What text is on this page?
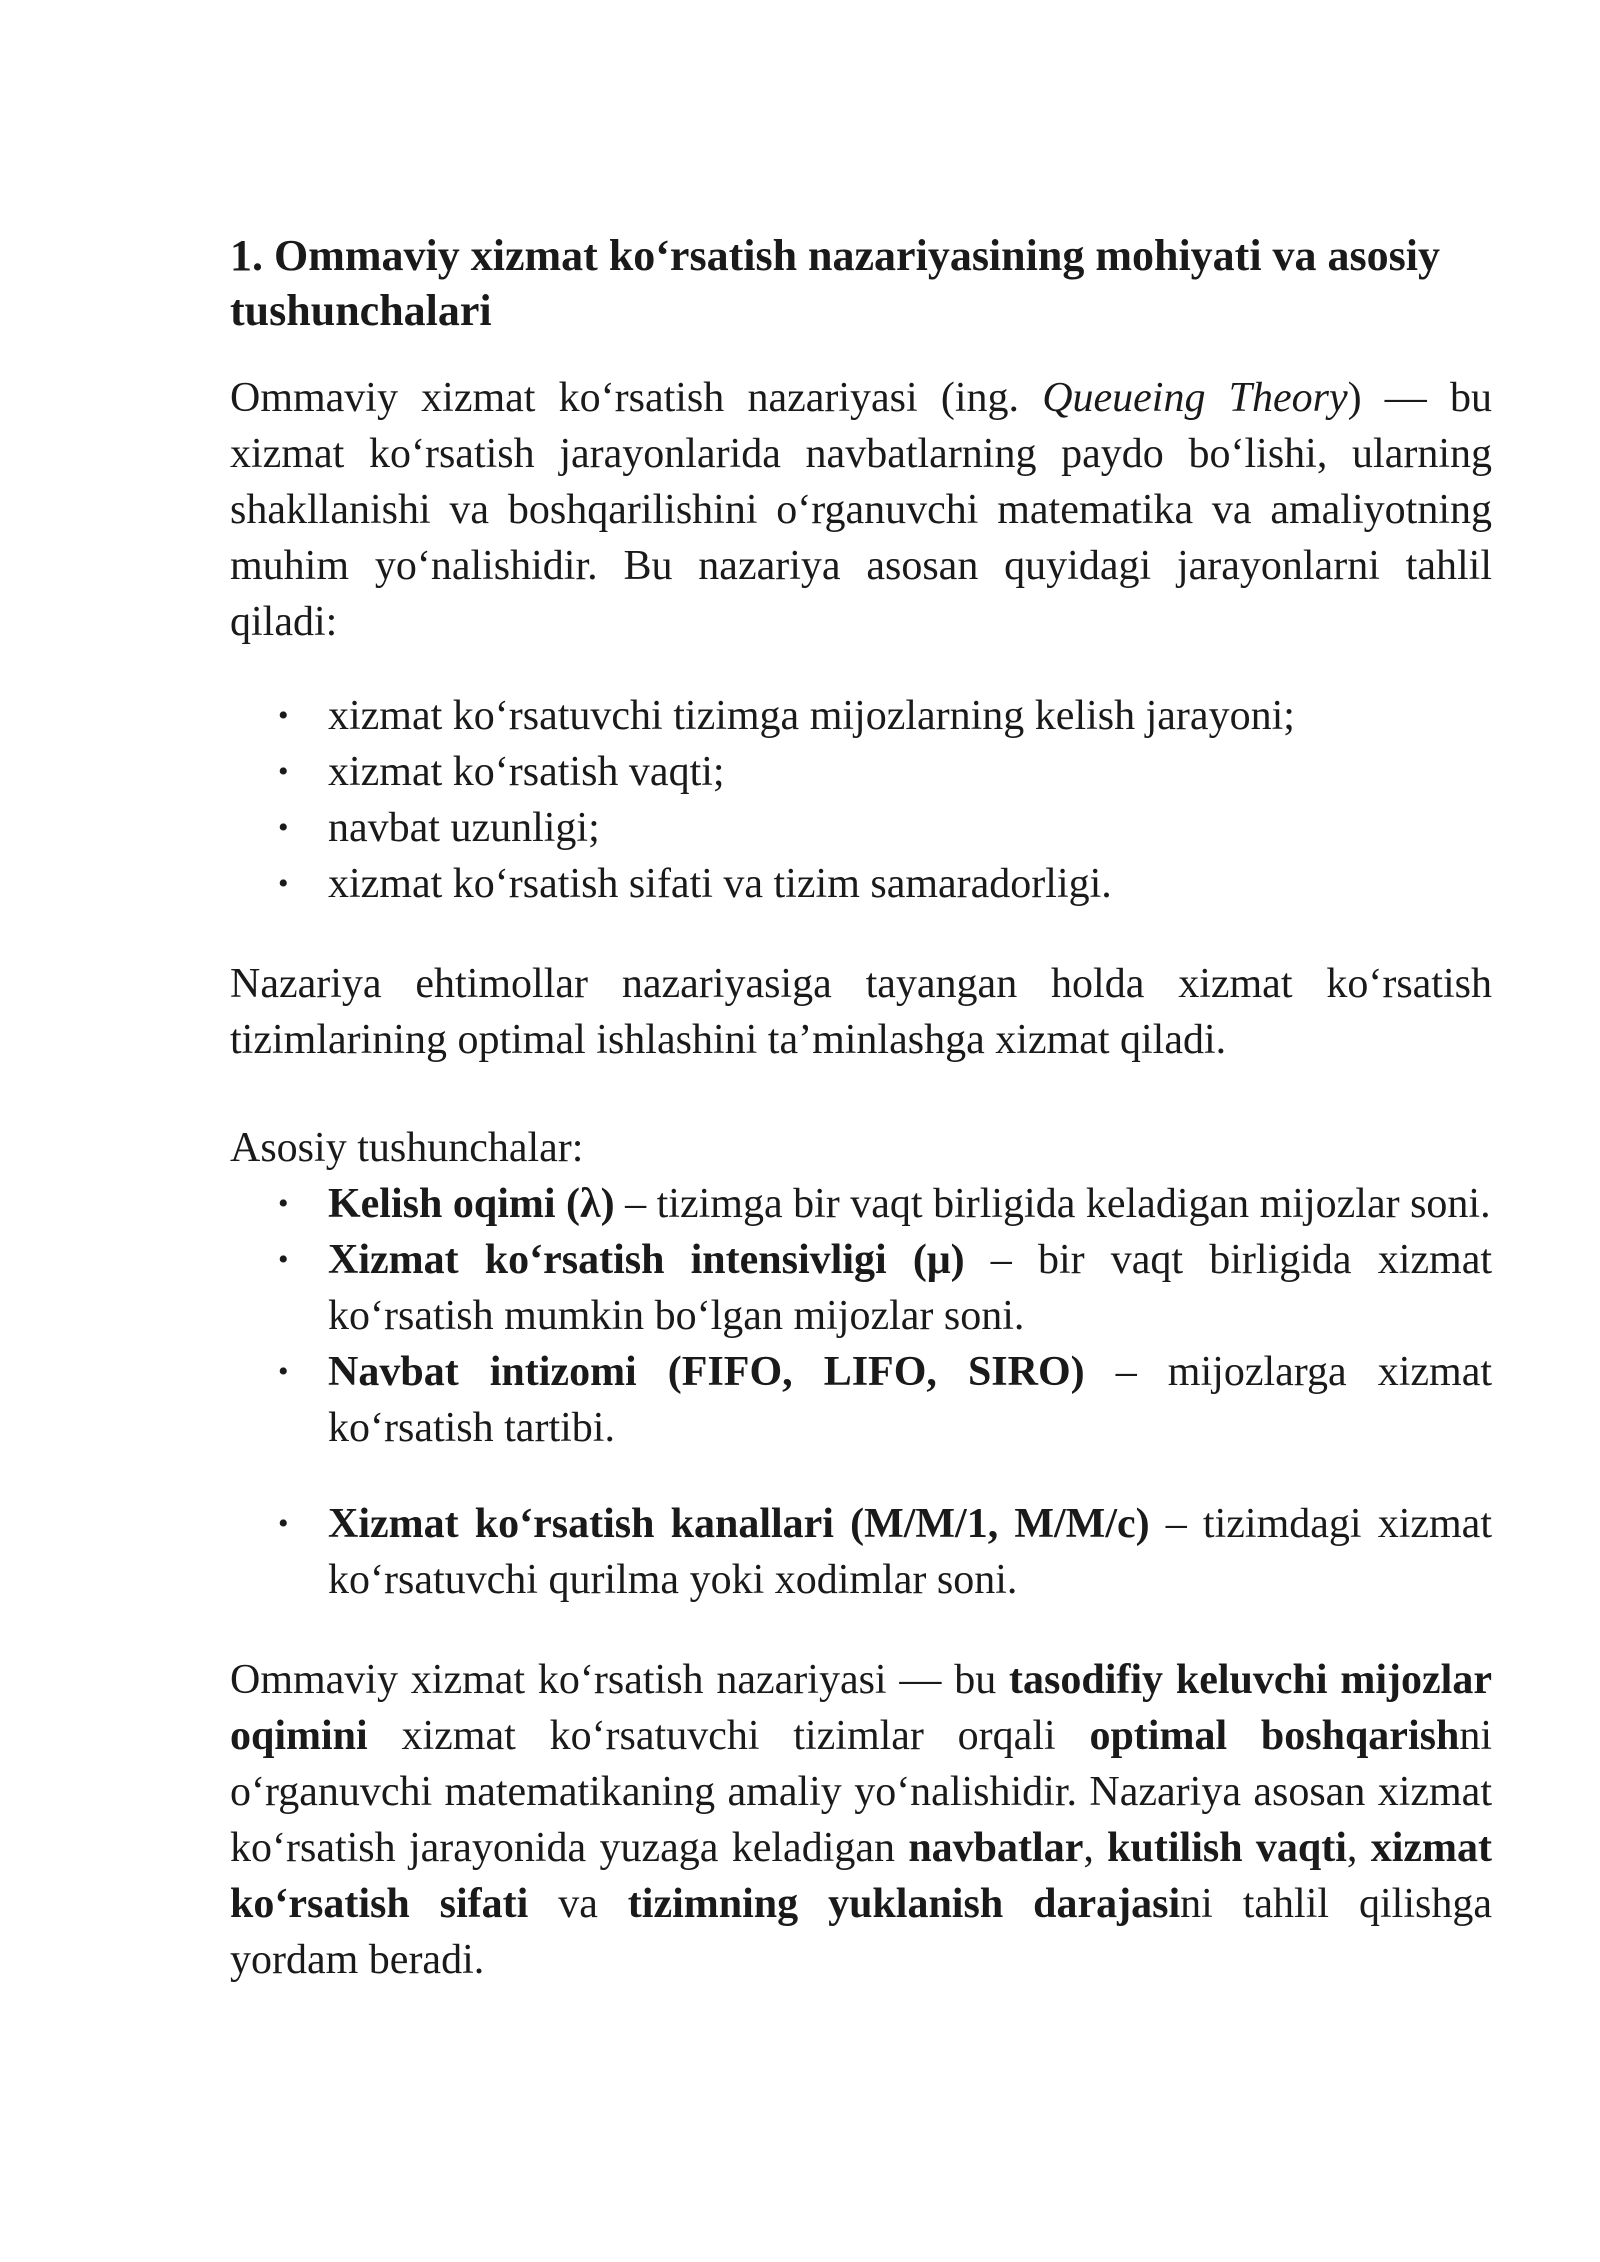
1. Ommaviy xizmat ko‘rsatish nazariyasining mohiyati va asosiy tushunchalari

Ommaviy xizmat ko‘rsatish nazariyasi (ing. Queueing Theory) — bu xizmat ko‘rsatish jarayonlarida navbatlarning paydo bo‘lishi, ularning shakllanishi va boshqarilishini o‘rganuvchi matematika va amaliyotning muhim yo‘nalishidir. Bu nazariya asosan quyidagi jarayonlarni tahlil qiladi:

• xizmat ko‘rsatuvchi tizimga mijozlarning kelish jarayoni;
• xizmat ko‘rsatish vaqti;
• navbat uzunligi;
• xizmat ko‘rsatish sifati va tizim samaradorligi.

Nazariya ehtimollar nazariyasiga tayangan holda xizmat ko‘rsatish tizimlarining optimal ishlashini ta’minlashga xizmat qiladi.

Asosiy tushunchalar:

• Kelish oqimi (λ) – tizimga bir vaqt birligida keladigan mijozlar soni.
• Xizmat ko‘rsatish intensivligi (μ) – bir vaqt birligida xizmat ko‘rsatish mumkin bo‘lgan mijozlar soni.
• Navbat intizomi (FIFO, LIFO, SIRO) – mijozlarga xizmat ko‘rsatish tartibi.
• Xizmat ko‘rsatish kanallari (M/M/1, M/M/c) – tizimdagi xizmat ko‘rsatuvchi qurilma yoki xodimlar soni.

Ommaviy xizmat ko‘rsatish nazariyasi — bu tasodifiy keluvchi mijozlar oqimini xizmat ko‘rsatuvchi tizimlar orqali optimal boshqarishni o‘rganuvchi matematikaning amaliy yo‘nalishidir. Nazariya asosan xizmat ko‘rsatish jarayonida yuzaga keladigan navbatlar, kutilish vaqti, xizmat ko‘rsatish sifati va tizimning yuklanish darajasini tahlil qilishga yordam beradi.
